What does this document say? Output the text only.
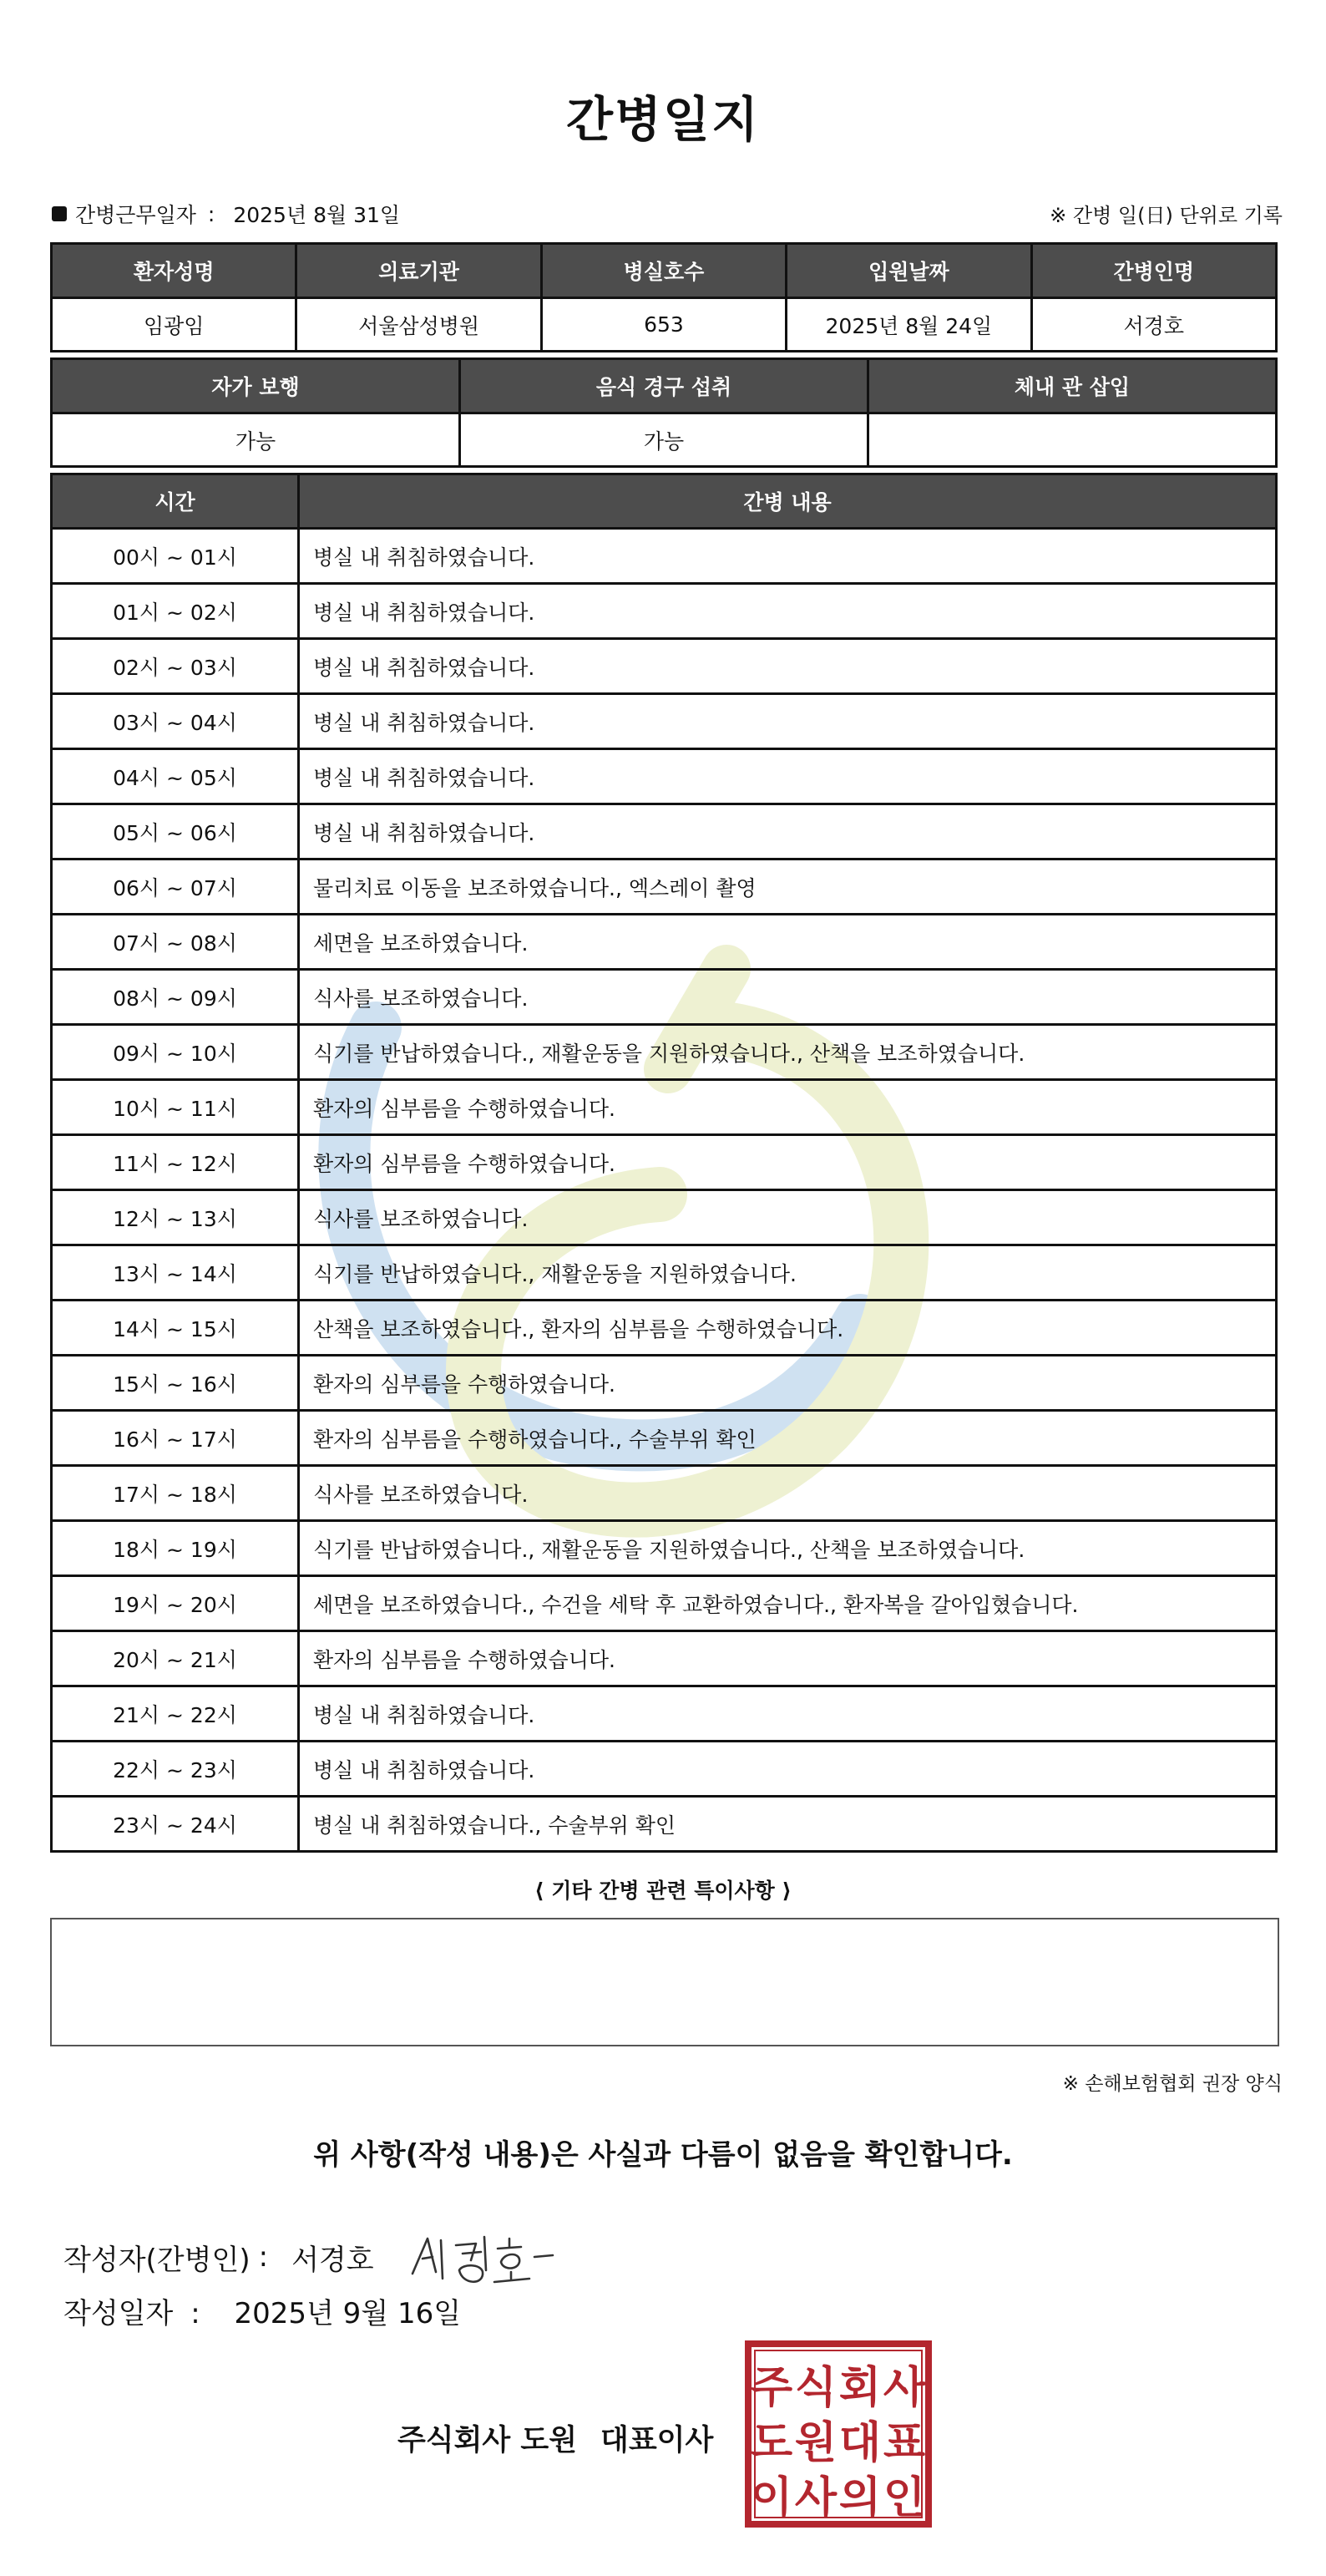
간병일지
간병근무일자 : 2025년 8월 31일	※ 간병 일(日) 단위로 기록
환자성명	의료기관	병실호수	입원날짜	간병인명
임광임	서울삼성병원	653	2025년 8월 24일	서경호
자가 보행	음식 경구 섭취	체내 관 삽입
가능	가능	
시간	간병 내용
00시 ~ 01시	병실 내 취침하였습니다.
01시 ~ 02시	병실 내 취침하였습니다.
02시 ~ 03시	병실 내 취침하였습니다.
03시 ~ 04시	병실 내 취침하였습니다.
04시 ~ 05시	병실 내 취침하였습니다.
05시 ~ 06시	병실 내 취침하였습니다.
06시 ~ 07시	물리치료 이동을 보조하였습니다., 엑스레이 촬영
07시 ~ 08시	세면을 보조하였습니다.
08시 ~ 09시	식사를 보조하였습니다.
09시 ~ 10시	식기를 반납하였습니다., 재활운동을 지원하였습니다., 산책을 보조하였습니다.
10시 ~ 11시	환자의 심부름을 수행하였습니다.
11시 ~ 12시	환자의 심부름을 수행하였습니다.
12시 ~ 13시	식사를 보조하였습니다.
13시 ~ 14시	식기를 반납하였습니다., 재활운동을 지원하였습니다.
14시 ~ 15시	산책을 보조하였습니다., 환자의 심부름을 수행하였습니다.
15시 ~ 16시	환자의 심부름을 수행하였습니다.
16시 ~ 17시	환자의 심부름을 수행하였습니다., 수술부위 확인
17시 ~ 18시	식사를 보조하였습니다.
18시 ~ 19시	식기를 반납하였습니다., 재활운동을 지원하였습니다., 산책을 보조하였습니다.
19시 ~ 20시	세면을 보조하였습니다., 수건을 세탁 후 교환하였습니다., 환자복을 갈아입혔습니다.
20시 ~ 21시	환자의 심부름을 수행하였습니다.
21시 ~ 22시	병실 내 취침하였습니다.
22시 ~ 23시	병실 내 취침하였습니다.
23시 ~ 24시	병실 내 취침하였습니다., 수술부위 확인
⟨ 기타 간병 관련 특이사항 ⟩
※ 손해보험협회 권장 양식
위 사항(작성 내용)은 사실과 다름이 없음을 확인합니다.
작성자(간병인) : 서경호
작성일자 : 2025년 9월 16일
주식회사 도원 대표이사
주 식 회 사
도 원 대 표
이 사 의 인
